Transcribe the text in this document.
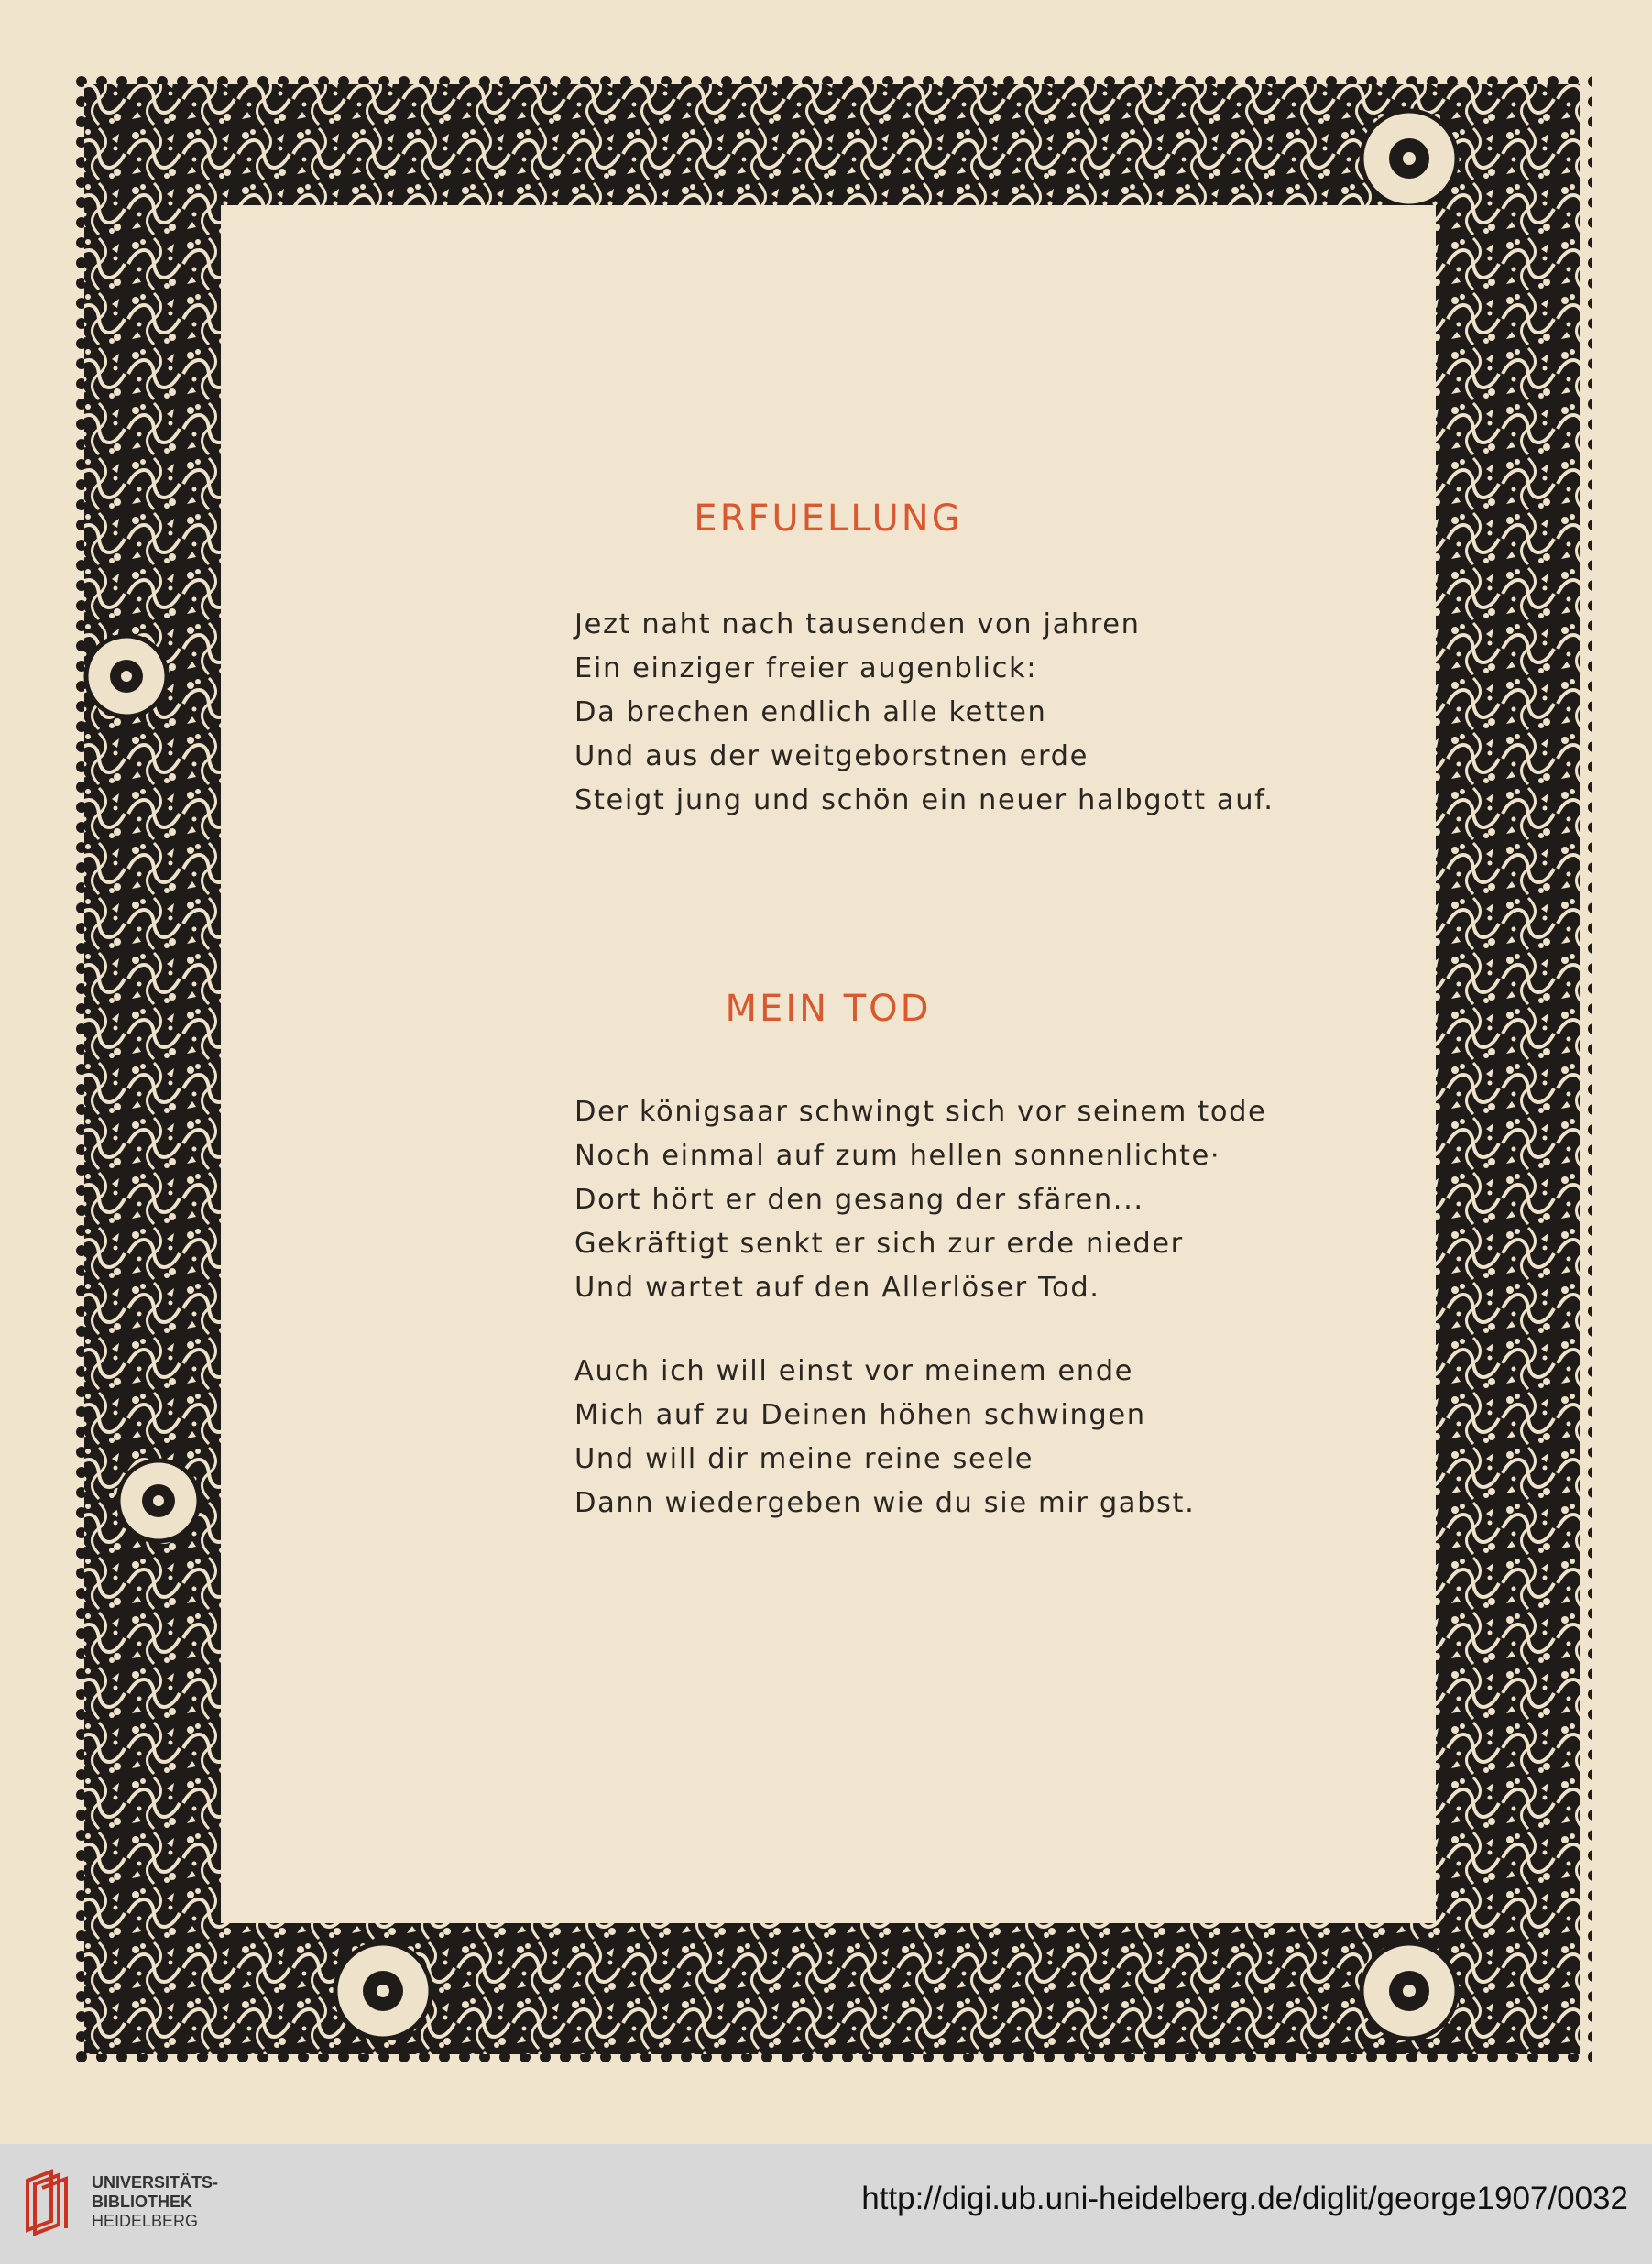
ERFUELLUNG
Jezt naht nach tausenden von jahren
Ein einziger freier augenblick:
Da brechen endlich alle ketten
Und aus der weitgeborstnen erde
Steigt jung und schön ein neuer halbgott auf.
MEIN TOD
Der königsaar schwingt sich vor seinem tode
Noch einmal auf zum hellen sonnenlichte·
Dort hört er den gesang der sfären...
Gekräftigt senkt er sich zur erde nieder
Und wartet auf den Allerlöser Tod.
Auch ich will einst vor meinem ende
Mich auf zu Deinen höhen schwingen
Und will dir meine reine seele
Dann wiedergeben wie du sie mir gabst.
UNIVERSITÄTS-
BIBLIOTHEK
HEIDELBERG
http://digi.ub.uni-heidelberg.de/diglit/george1907/0032
